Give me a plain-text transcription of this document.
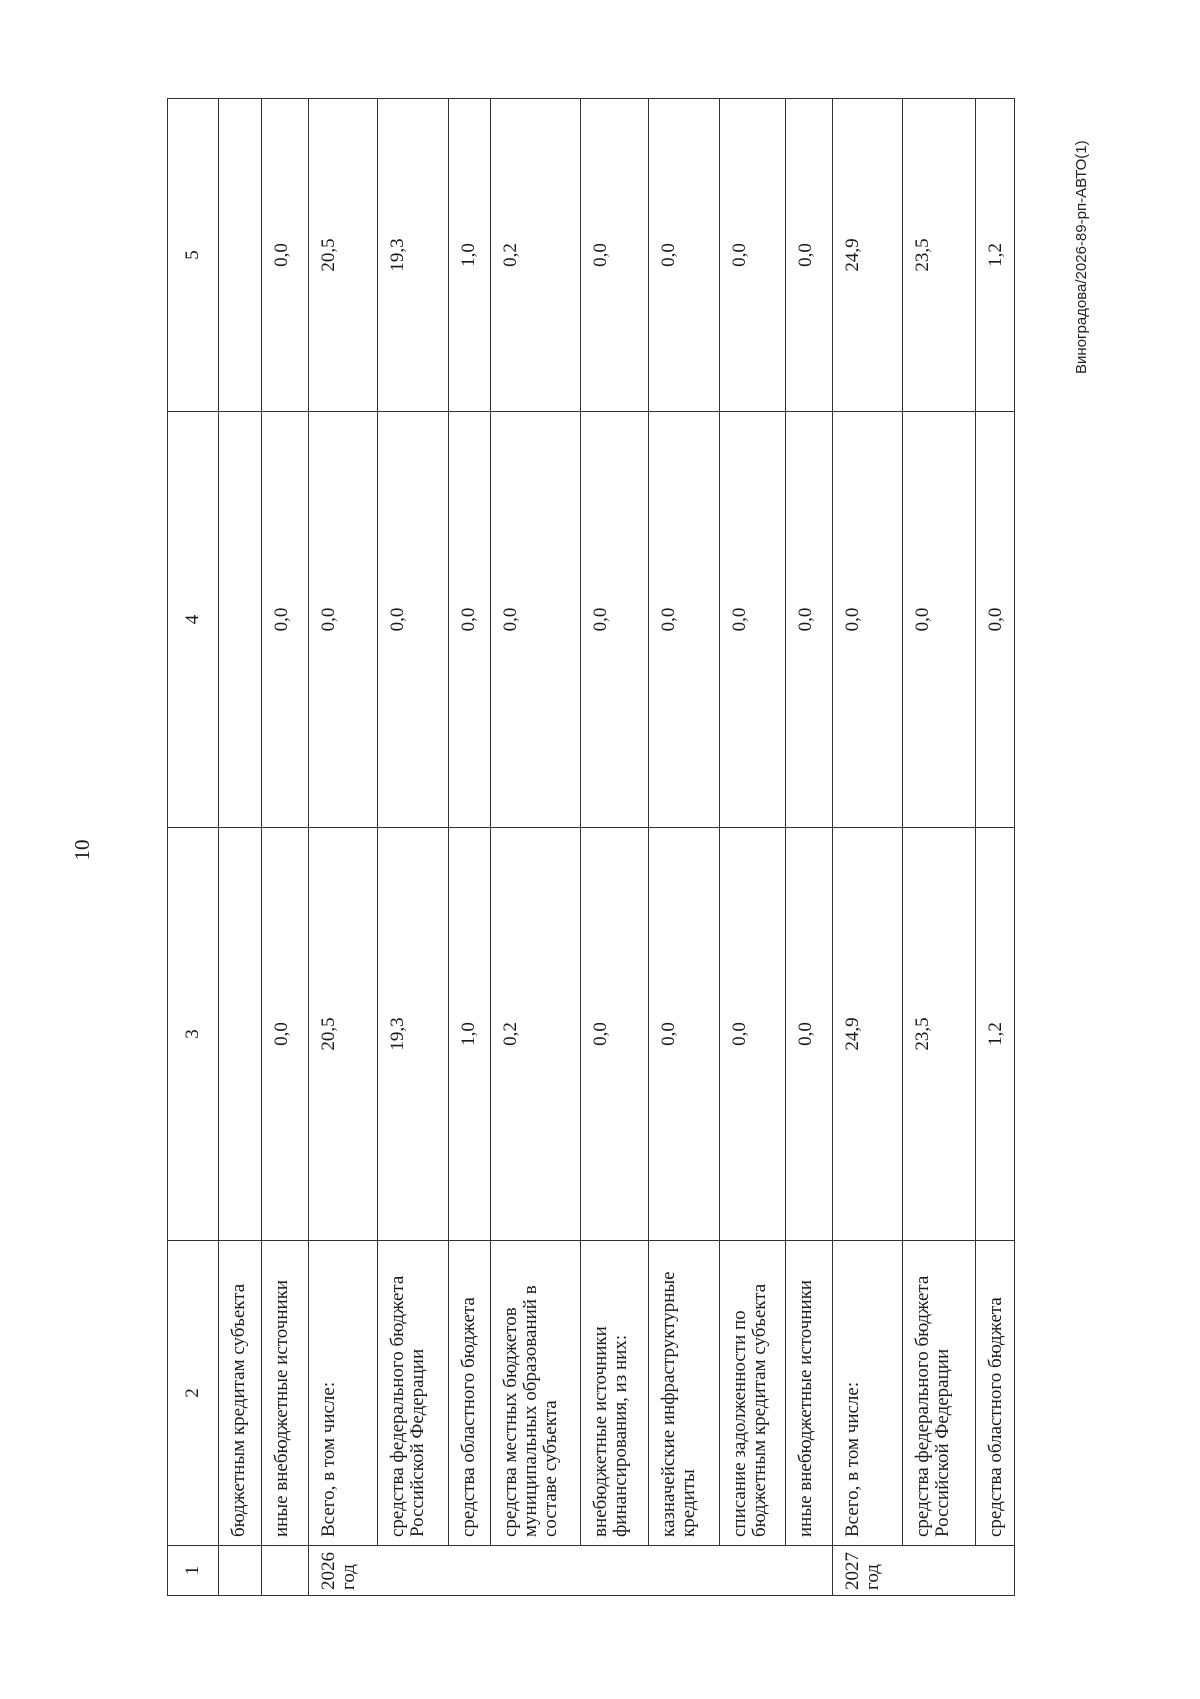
10
1	2	3	4	5
	бюджетным кредитам субъекта			
	иные внебюджетные источники	0,0	0,0	0,0
2026 год	Всего, в том числе:	20,5	0,0	20,5
	средства федерального бюджета Российской Федерации	19,3	0,0	19,3
	средства областного бюджета	1,0	0,0	1,0
	средства местных бюджетов муниципальных образований в составе субъекта	0,2	0,0	0,2
	внебюджетные источники финансирования, из них:	0,0	0,0	0,0
	казначейские инфраструктурные кредиты	0,0	0,0	0,0
	списание задолженности по бюджетным кредитам субъекта	0,0	0,0	0,0
	иные внебюджетные источники	0,0	0,0	0,0
2027 год	Всего, в том числе:	24,9	0,0	24,9
	средства федерального бюджета Российской Федерации	23,5	0,0	23,5
	средства областного бюджета	1,2	0,0	1,2	Виноградова/2026-89-рп-АВТО(1)
